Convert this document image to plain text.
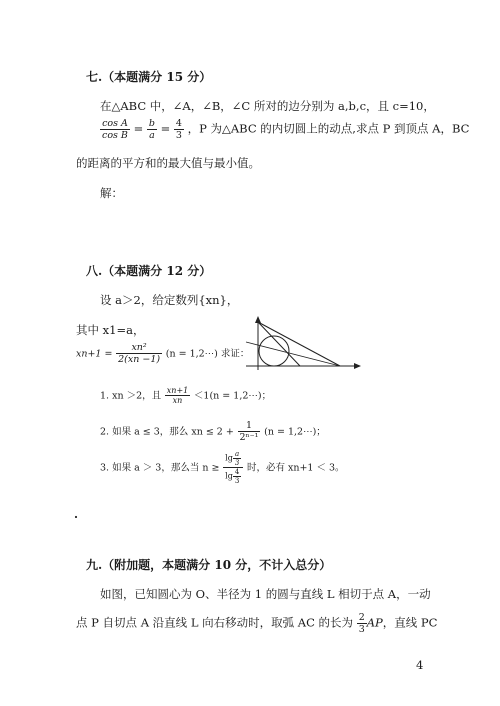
七.（本题满分 15 分）
在△ABC 中，∠A，∠B，∠C 所对的边分别为 a,b,c，且 c=10，
$\frac{\text{cos A}}{\text{cos B}} = \frac{b}{a} = \frac{4}{3}$ ，P 为△ABC 的内切圆上的动点,求点 P 到顶点 A，BC
的距离的平方和的最大值与最小值。
解：
八.（本题满分 12 分）
设 a＞2，给定数列{xn}，
其中 x1=a，
$xn+1 = \frac{\text{xn²}}{2(xn -1)} (n$ = 1,2⋯) 求证：
1. xn ＞2，且 $\frac{xn+1}{xn} <1(n$ = 1,2⋯)；
2. 如果 a ≤ 3，那么 xn ≤ $2 + \frac{1}{\text{2ⁿ⁻¹}} (n$ = 1,2⋯)；
3. 如果 a ＞ 3，那么当 $n \ge \frac{\lg \frac{a}{3}}{\lg \frac{4}{3}}$ 时，必有 xn+1 ＜ 3。
·
九.（附加题，本题满分 10 分，不计入总分）
如图，已知圆心为 O、半径为 1 的圆与直线 L 相切于点 A，一动
点 P 自切点 A 沿直线 L 向右移动时，取弧 AC 的长为 $\frac{2}{3}$ AP，直线 PC
4
